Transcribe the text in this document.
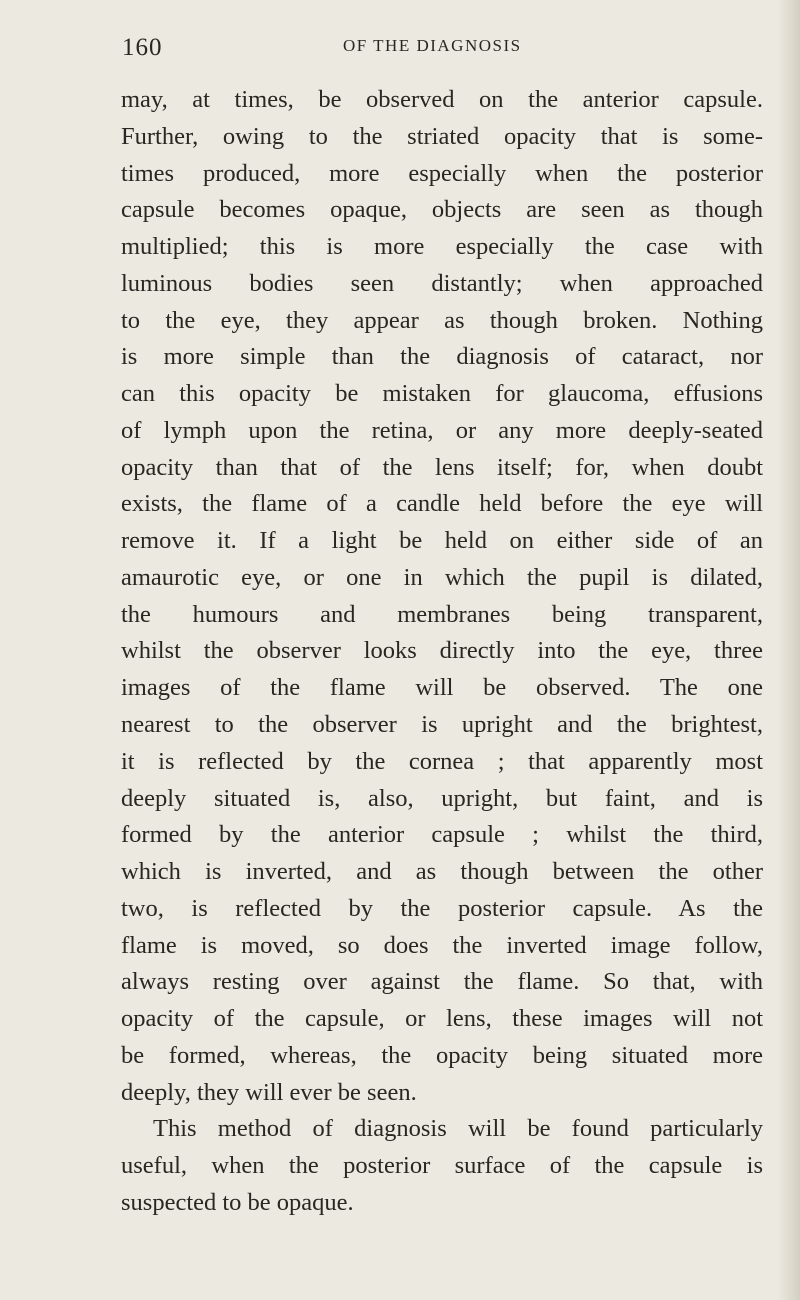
160	OF THE DIAGNOSIS
may, at times, be observed on the anterior capsule.
Further, owing to the striated opacity that is some-
times produced, more especially when the posterior
capsule becomes opaque, objects are seen as though
multiplied; this is more especially the case with
luminous bodies seen distantly; when approached
to the eye, they appear as though broken. Nothing
is more simple than the diagnosis of cataract, nor
can this opacity be mistaken for glaucoma, effusions
of lymph upon the retina, or any more deeply-seated
opacity than that of the lens itself; for, when doubt
exists, the flame of a candle held before the eye will
remove it. If a light be held on either side of an
amaurotic eye, or one in which the pupil is dilated,
the humours and membranes being transparent,
whilst the observer looks directly into the eye, three
images of the flame will be observed. The one
nearest to the observer is upright and the brightest,
it is reflected by the cornea ; that apparently most
deeply situated is, also, upright, but faint, and is
formed by the anterior capsule ; whilst the third,
which is inverted, and as though between the other
two, is reflected by the posterior capsule. As the
flame is moved, so does the inverted image follow,
always resting over against the flame. So that, with
opacity of the capsule, or lens, these images will not
be formed, whereas, the opacity being situated more
deeply, they will ever be seen.
This method of diagnosis will be found particularly
useful, when the posterior surface of the capsule is
suspected to be opaque.
